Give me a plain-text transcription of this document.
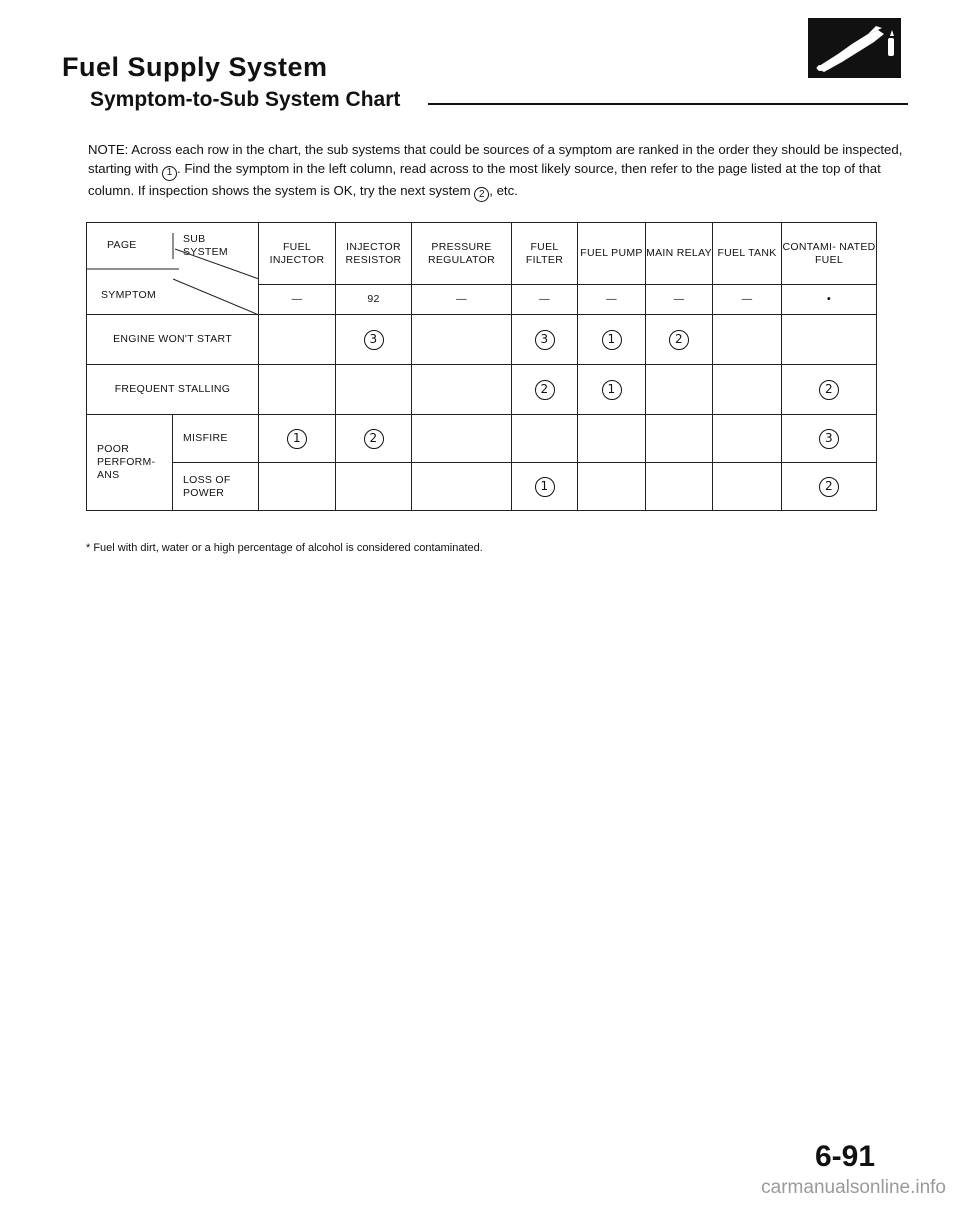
Fuel Supply System
Symptom-to-Sub System Chart

NOTE: Across each row in the chart, the sub systems that could be sources of a symptom are ranked in the order they should be inspected, starting with 1 . Find the symptom in the left column, read across to the most likely source, then refer to the page listed at the top of that column. If inspection shows the system is OK, try the next system 2 , etc.

PAGE SUB SYSTEM
SYMPTOM		FUEL INJECTOR	INJECTOR RESISTOR	PRESSURE REGULATOR	FUEL FILTER	FUEL PUMP	MAIN RELAY	FUEL TANK	CONTAMI- NATED FUEL
		—	92	—	—	—	—	—	•
ENGINE WON'T START			3		3	1	2		
FREQUENT STALLING					2	1			2
POOR PERFORM- ANS	MISFIRE	1	2						3
	LOSS OF POWER				1				2

* Fuel with dirt, water or a high percentage of alcohol is considered contaminated.

6-91
carmanualsonline.info
